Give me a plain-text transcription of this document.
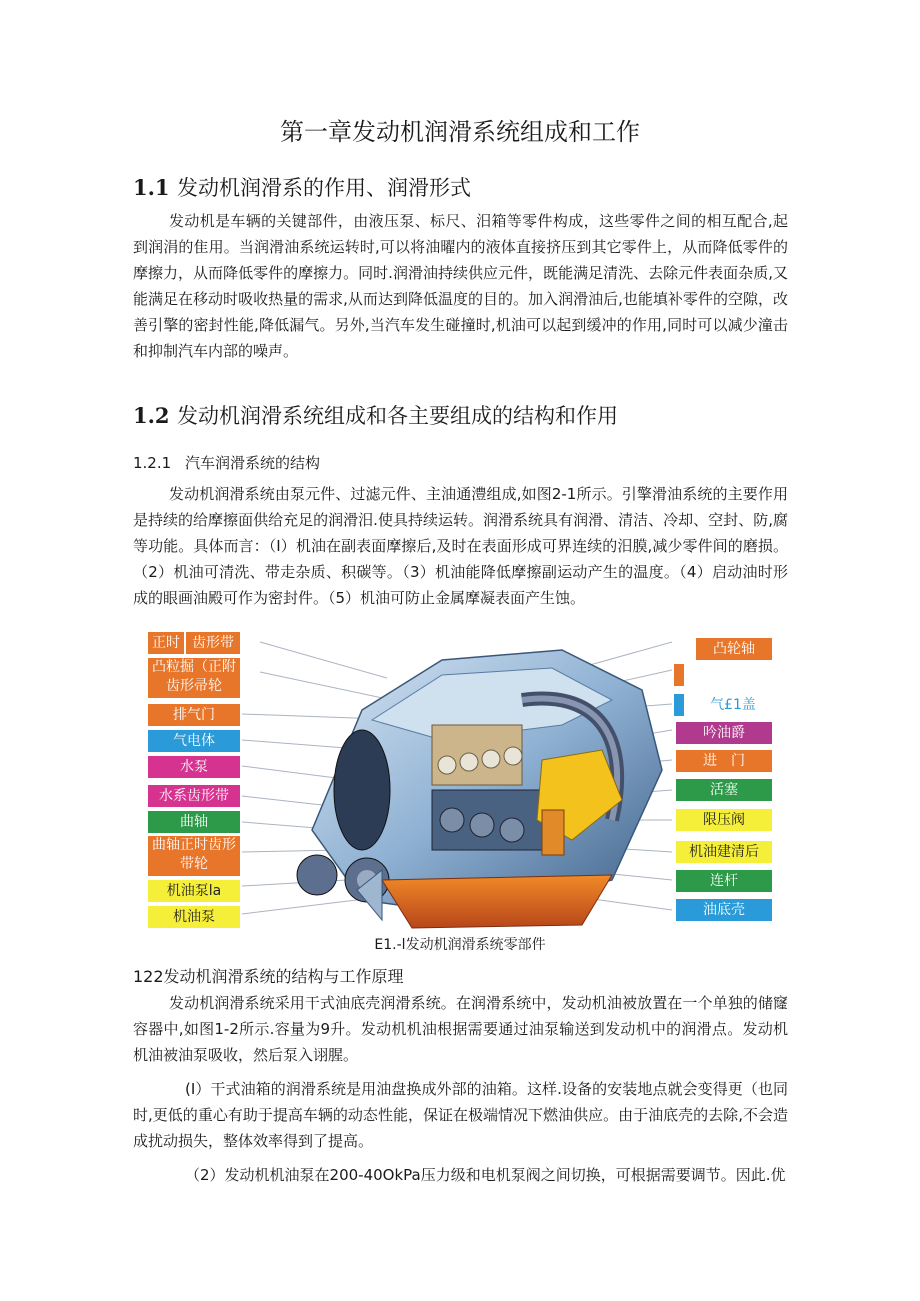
第一章发动机润滑系统组成和工作
1.1 发动机润滑系的作用、润滑形式
发动机是车辆的关键部件，由液压泵、标尺、汨箱等零件构成，这些零件之间的相互配合,起到润涓的隹用。当润滑油系统运转时,可以将油曜内的液体直接挤压到其它零件上，从而降低零件的摩擦力，从而降低零件的摩擦力。同时.润滑油持续供应元件，既能满足清洗、去除元件表面杂质,又能满足在移动时吸收热量的需求,从而达到降低温度的目的。加入润滑油后,也能填补零件的空隙，改善引擎的密封性能,降低漏气。另外,当汽车发生碰撞时,机油可以起到缓冲的作用,同时可以减少潼击和抑制汽车内部的噪声。
1.2 发动机润滑系统组成和各主要组成的结构和作用
1.2.1 汽车润滑系统的结构
发动机润滑系统由泵元件、过滤元件、主油通澧组成,如图2-1所示。引擎滑油系统的主要作用是持续的给摩擦面供给充足的润滑汨.使具持续运转。润滑系统具有润滑、清洁、冷却、空封、防,腐等功能。具体而言：（I）机油在副表面摩擦后,及时在表面形成可界连续的汨膜,减少零件间的磨损。（2）机油可清洗、带走杂质、积碳等。（3）机油能降低摩擦副运动产生的温度。（4）启动油时形成的眼画油殿可作为密封件。（5）机油可防止金属摩凝表面产生蚀。
正时 齿形带
凸粒掘（正附齿形帚轮
排气门
气电体
水泵
水系齿形带
曲轴
曲轴正时齿形带轮
机油泵la
机油泵
凸轮轴
气£1盖
吟油爵
进　门
活塞
限压阀
机油建清后
连杆
油底壳
E1.-l发动机润滑系统零部件
122发动机润滑系统的结构与工作原理
发动机润滑系统采用干式油底壳润滑系统。在润滑系统中，发动机油被放置在一个单独的储窿容器中,如图1-2所示.容量为9升。发动机机油根据需要通过油泵输送到发动机中的润滑点。发动机机油被油泵吸收，然后泵入诩腥。
(I）干式油箱的润滑系统是用油盘换成外部的油箱。这样.设备的安装地点就会变得更（也同时,更低的重心有助于提高车辆的动态性能，保证在极端情况下燃油供应。由于油底壳的去除,不会造成扰动损失，整体效率得到了提高。
（2）发动机机油泵在200-40OkPa压力级和电机泵阀之间切换，可根据需要调节。因此.优
